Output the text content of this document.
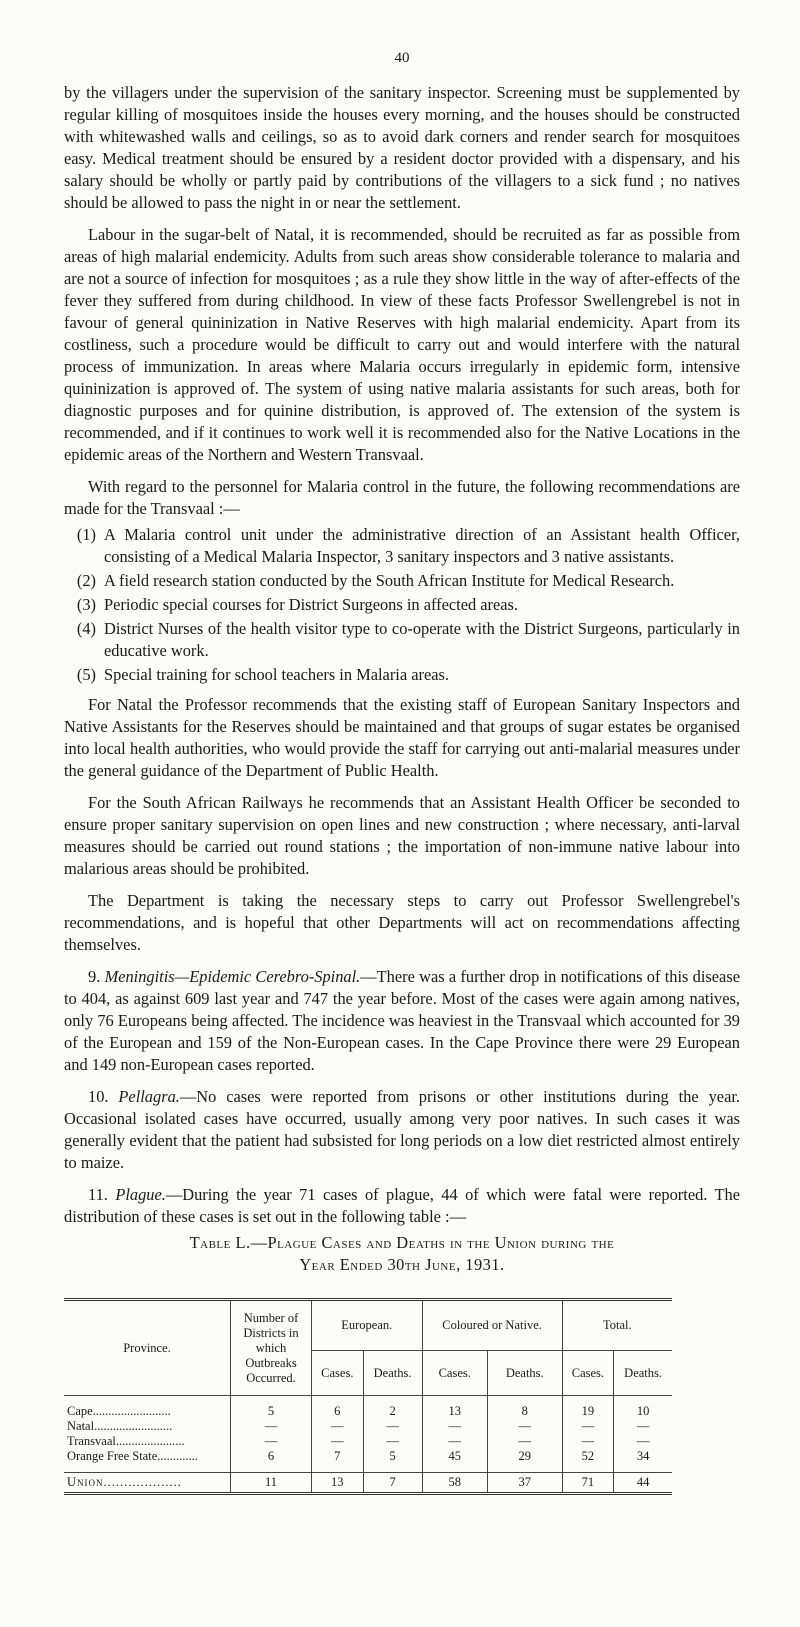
40

by the villagers under the supervision of the sanitary inspector. Screening must be supplemented by regular killing of mosquitoes inside the houses every morning, and the houses should be constructed with whitewashed walls and ceilings, so as to avoid dark corners and render search for mosquitoes easy. Medical treatment should be ensured by a resident doctor provided with a dispensary, and his salary should be wholly or partly paid by contributions of the villagers to a sick fund ; no natives should be allowed to pass the night in or near the settlement.

Labour in the sugar-belt of Natal, it is recommended, should be recruited as far as possible from areas of high malarial endemicity. Adults from such areas show considerable tolerance to malaria and are not a source of infection for mosquitoes ; as a rule they show little in the way of after-effects of the fever they suffered from during childhood. In view of these facts Professor Swellengrebel is not in favour of general quininization in Native Reserves with high malarial endemicity. Apart from its costliness, such a procedure would be difficult to carry out and would interfere with the natural process of immunization. In areas where Malaria occurs irregularly in epidemic form, intensive quininization is approved of. The system of using native malaria assistants for such areas, both for diagnostic purposes and for quinine distribution, is approved of. The extension of the system is recommended, and if it continues to work well it is recommended also for the Native Locations in the epidemic areas of the Northern and Western Transvaal.

With regard to the personnel for Malaria control in the future, the following recommendations are made for the Transvaal :—

(1) A Malaria control unit under the administrative direction of an Assistant health Officer, consisting of a Medical Malaria Inspector, 3 sanitary inspectors and 3 native assistants.
(2) A field research station conducted by the South African Institute for Medical Research.
(3) Periodic special courses for District Surgeons in affected areas.
(4) District Nurses of the health visitor type to co-operate with the District Surgeons, particularly in educative work.
(5) Special training for school teachers in Malaria areas.

For Natal the Professor recommends that the existing staff of European Sanitary Inspectors and Native Assistants for the Reserves should be maintained and that groups of sugar estates be organised into local health authorities, who would provide the staff for carrying out anti-malarial measures under the general guidance of the Department of Public Health.

For the South African Railways he recommends that an Assistant Health Officer be seconded to ensure proper sanitary supervision on open lines and new construction ; where necessary, anti-larval measures should be carried out round stations ; the importation of non-immune native labour into malarious areas should be prohibited.

The Department is taking the necessary steps to carry out Professor Swellengrebel's recommendations, and is hopeful that other Departments will act on recommendations affecting themselves.

9. Meningitis—Epidemic Cerebro-Spinal.—There was a further drop in notifications of this disease to 404, as against 609 last year and 747 the year before. Most of the cases were again among natives, only 76 Europeans being affected. The incidence was heaviest in the Transvaal which accounted for 39 of the European and 159 of the Non-European cases. In the Cape Province there were 29 European and 149 non-European cases reported.

10. Pellagra.—No cases were reported from prisons or other institutions during the year. Occasional isolated cases have occurred, usually among very poor natives. In such cases it was generally evident that the patient had subsisted for long periods on a low diet restricted almost entirely to maize.

11. Plague.—During the year 71 cases of plague, 44 of which were fatal were reported. The distribution of these cases is set out in the following table :—

Table L.—Plague Cases and Deaths in the Union during the
Year Ended 30th June, 1931.
Province.	Number of Districts in which Outbreaks Occurred.	European.		Coloured or Native.		Total.	
		Cases.	Deaths.	Cases.	Deaths.	Cases.	Deaths.

Cape.........................	5	6	2	13	8	19	10
Natal.........................	—	—	—	—	—	—	—
Transvaal......................	—	—	—	—	—	—	—
Orange Free State.............	6	7	5	45	29	52	34

Union...................	11	13	7	58	37	71	44
